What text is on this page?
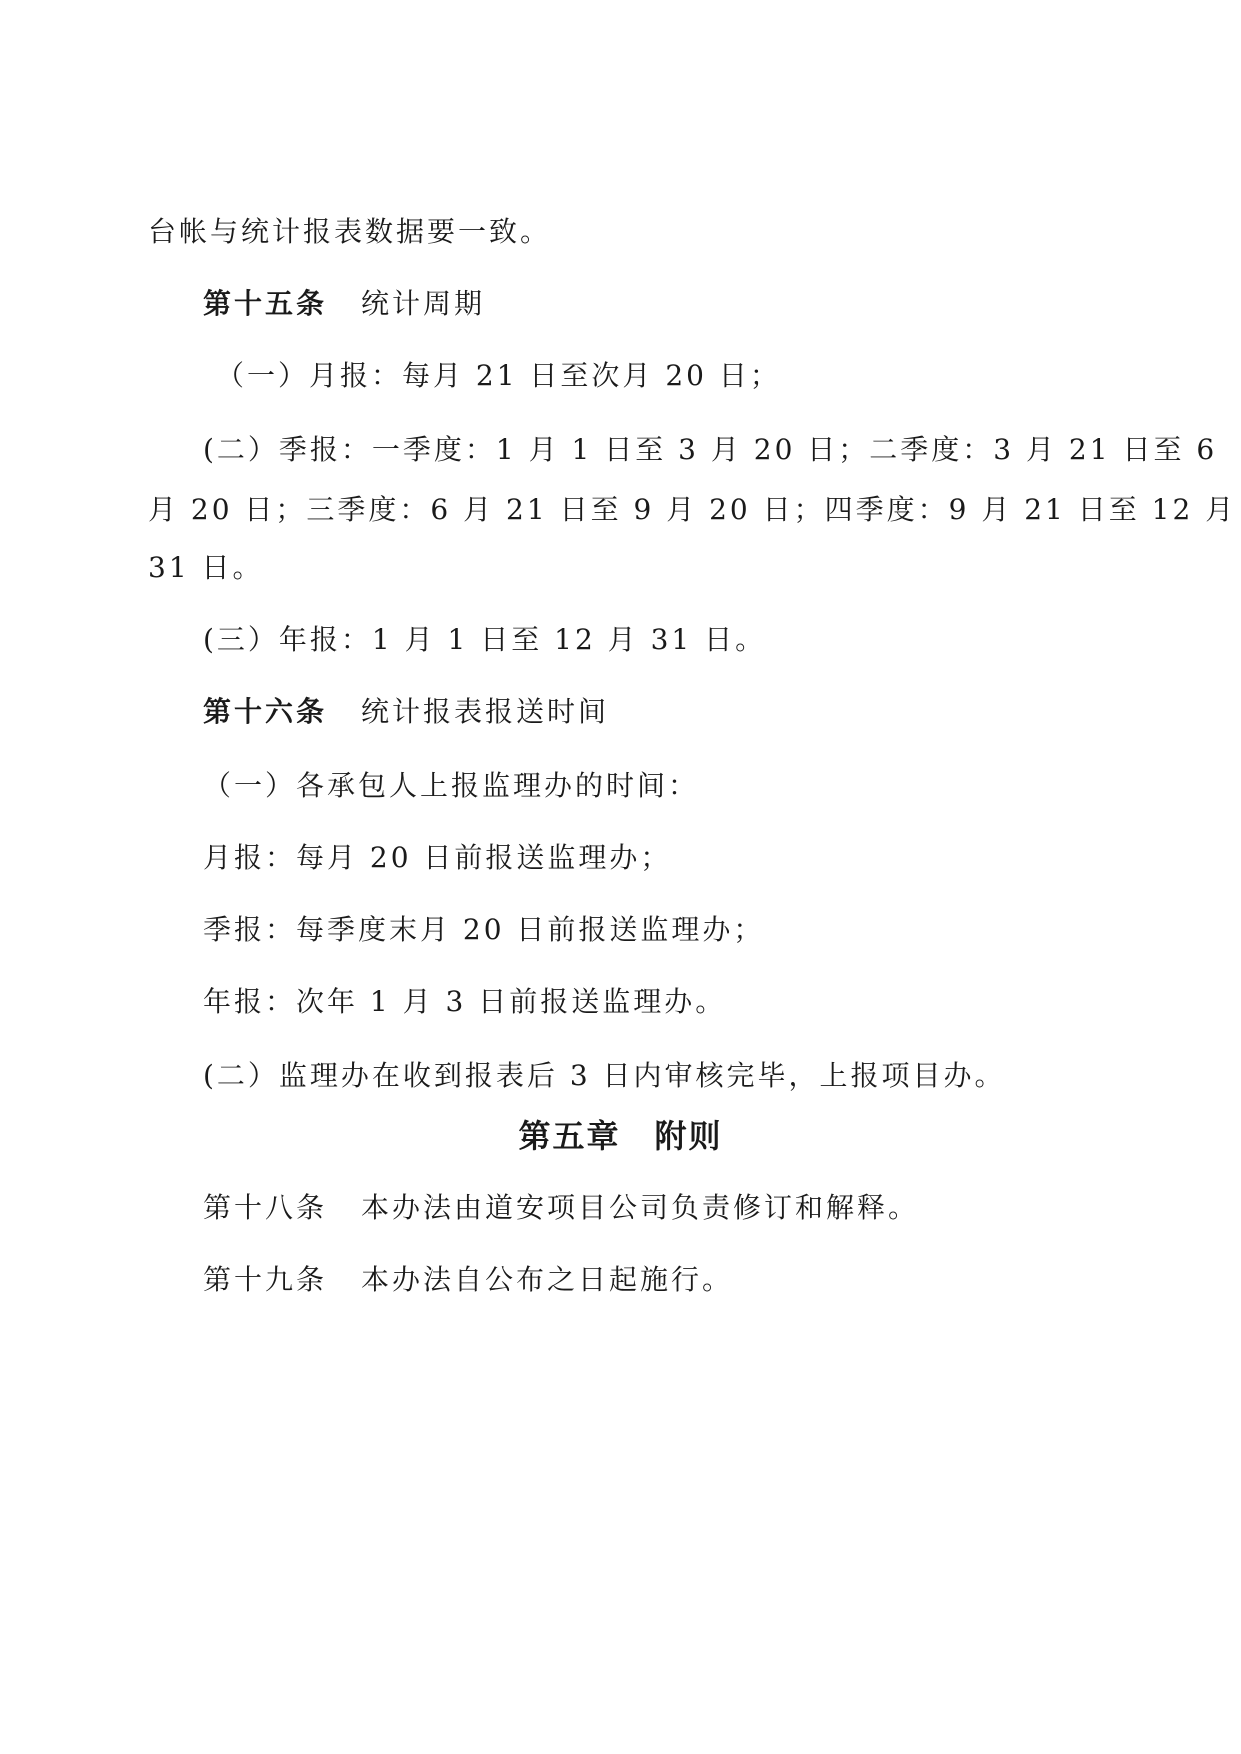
台帐与统计报表数据要一致。

第十五条 统计周期

（一）月报：每月 21 日至次月 20 日；

(二）季报：一季度：1 月 1 日至 3 月 20 日；二季度：3 月 21 日至 6

月 20 日；三季度：6 月 21 日至 9 月 20 日；四季度：9 月 21 日至 12 月

31 日。

(三）年报：1 月 1 日至 12 月 31 日。

第十六条 统计报表报送时间

（一）各承包人上报监理办的时间：

月报：每月 20 日前报送监理办；

季报：每季度末月 20 日前报送监理办；

年报：次年 1 月 3 日前报送监理办。

(二）监理办在收到报表后 3 日内审核完毕，上报项目办。

第五章　附则

第十八条 本办法由道安项目公司负责修订和解释。

第十九条 本办法自公布之日起施行。
